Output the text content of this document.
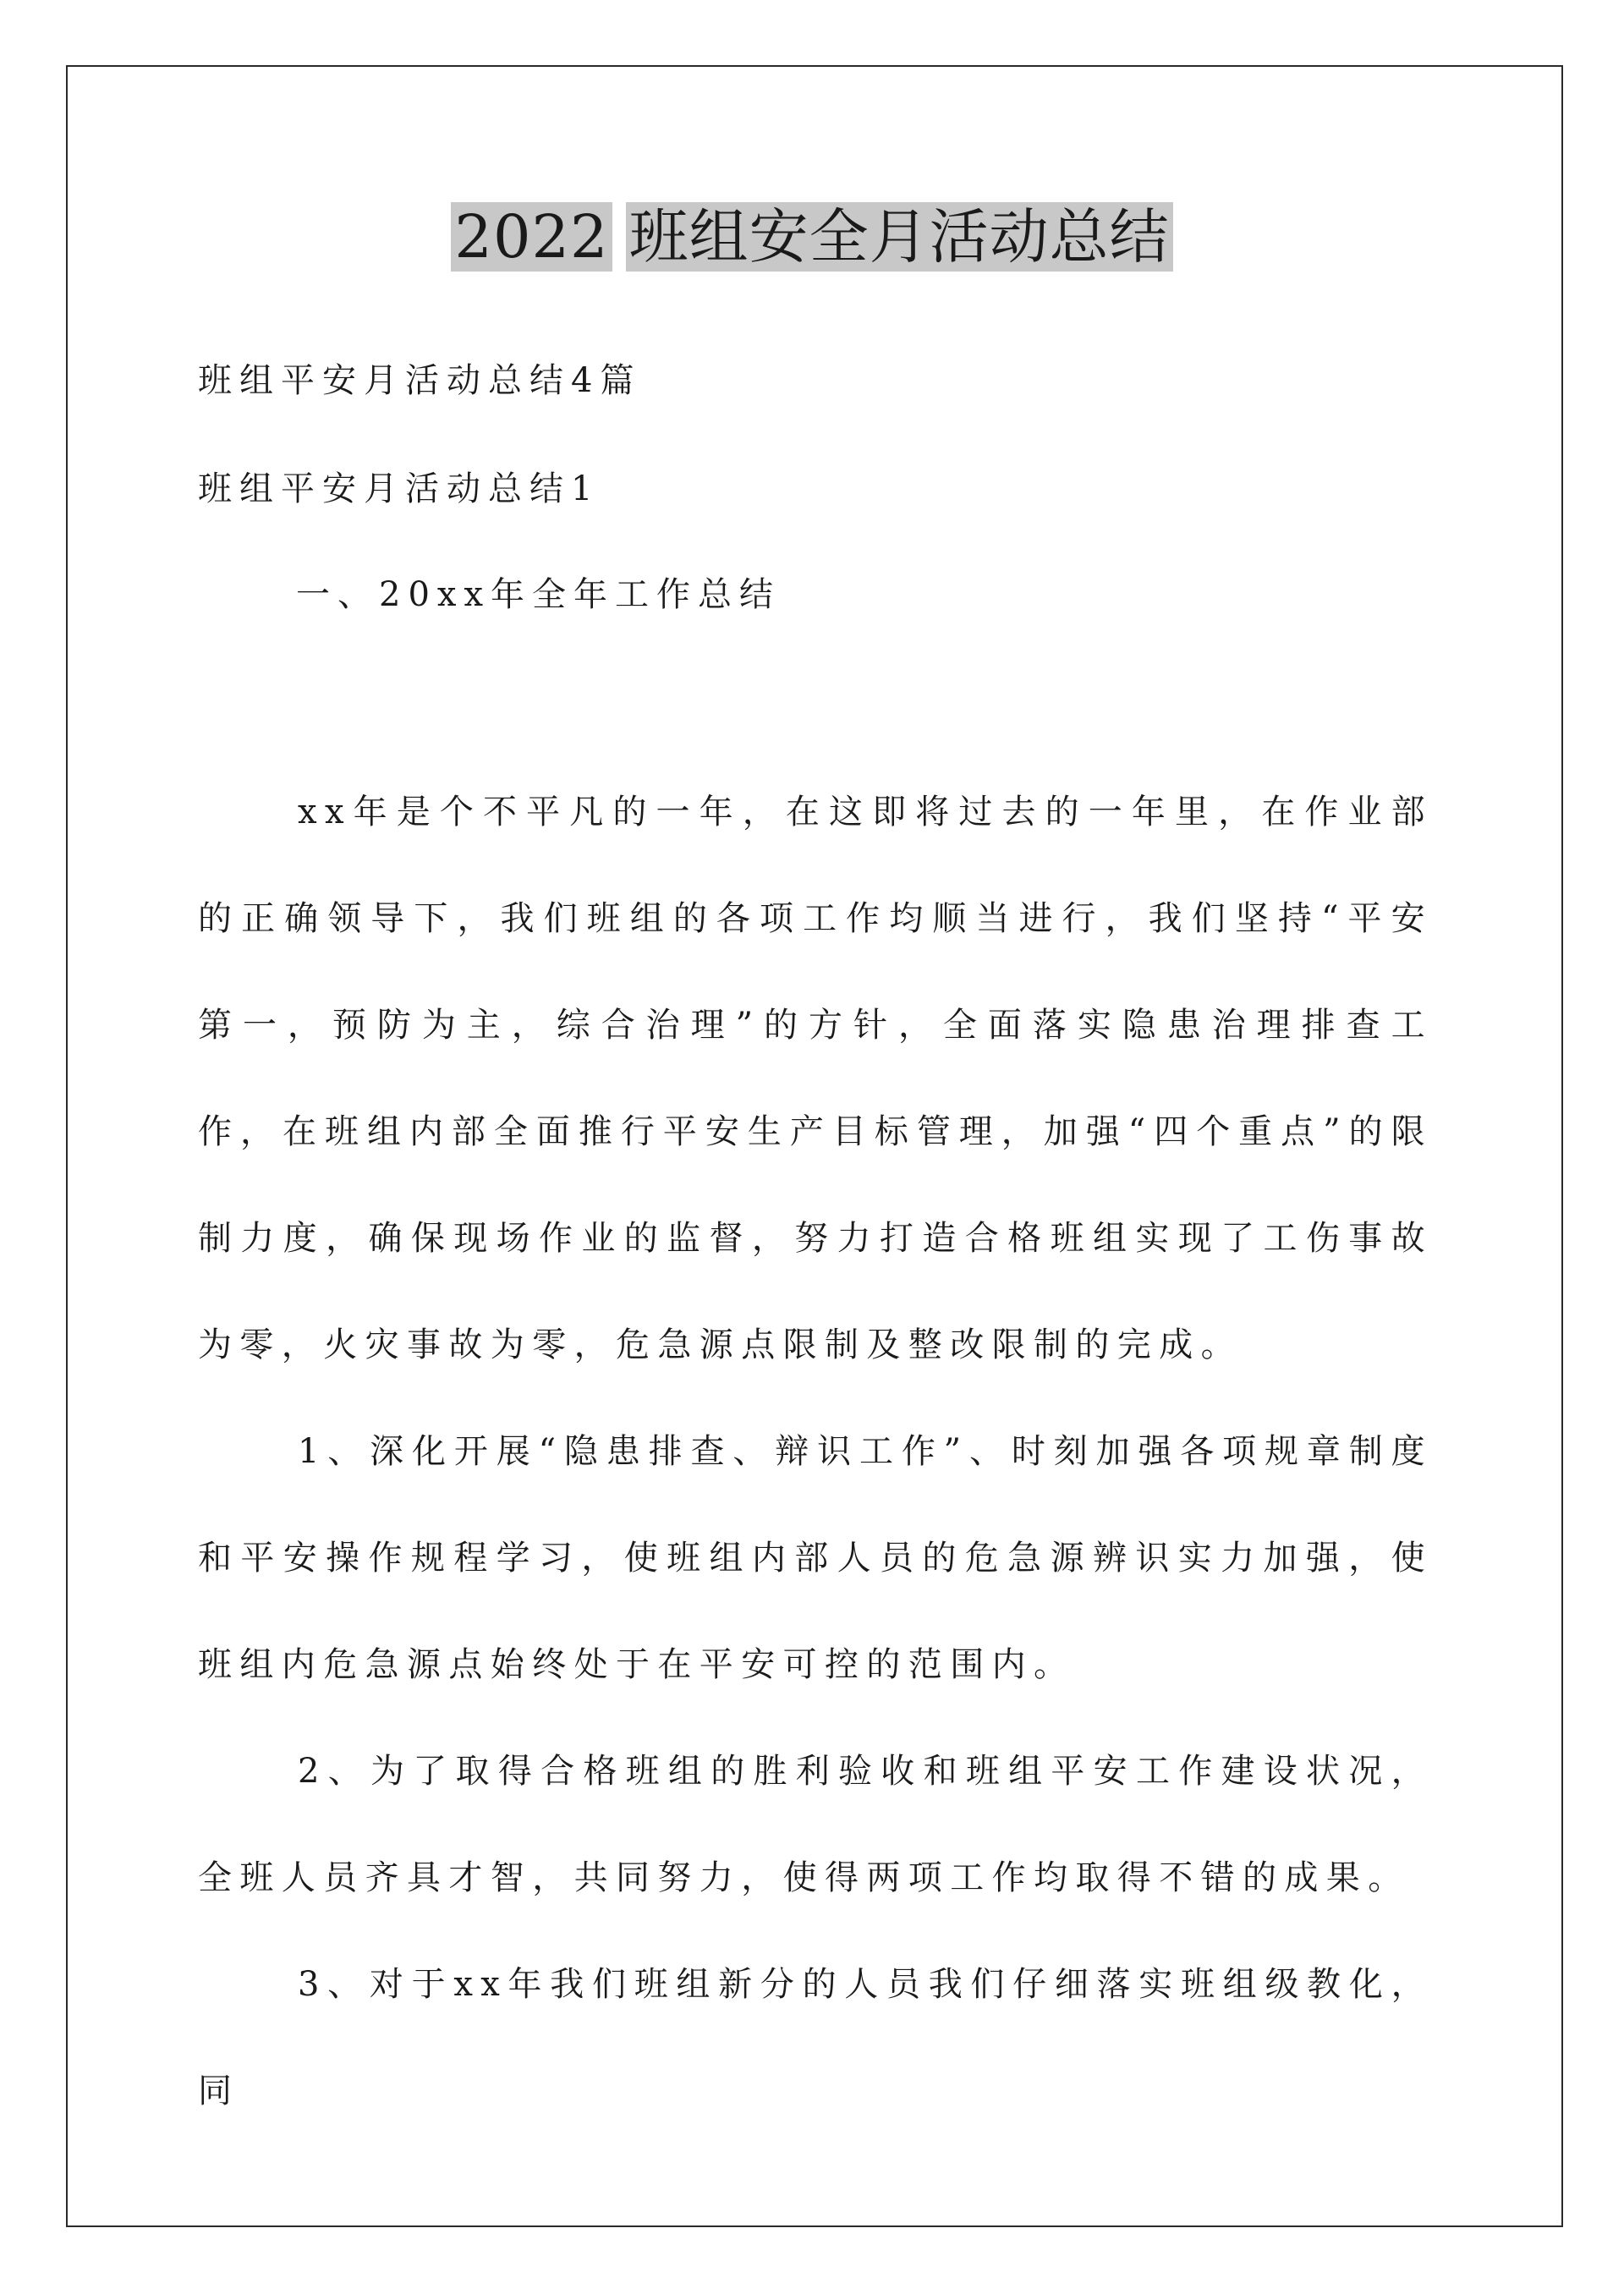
2022 班组安全月活动总结
班组平安月活动总结4篇
班组平安月活动总结1
一、20xx年全年工作总结

xx年是个不平凡的一年，在这即将过去的一年里，在作业部的正确领导下，我们班组的各项工作均顺当进行，我们坚持“平安第一，预防为主，综合治理”的方针，全面落实隐患治理排查工作，在班组内部全面推行平安生产目标管理，加强“四个重点”的限制力度，确保现场作业的监督，努力打造合格班组实现了工伤事故为零，火灾事故为零，危急源点限制及整改限制的完成。

1、深化开展“隐患排查、辩识工作”、时刻加强各项规章制度和平安操作规程学习，使班组内部人员的危急源辨识实力加强，使班组内危急源点始终处于在平安可控的范围内。

2、为了取得合格班组的胜利验收和班组平安工作建设状况，全班人员齐具才智，共同努力，使得两项工作均取得不错的成果。

3、对于xx年我们班组新分的人员我们仔细落实班组级教化，同
